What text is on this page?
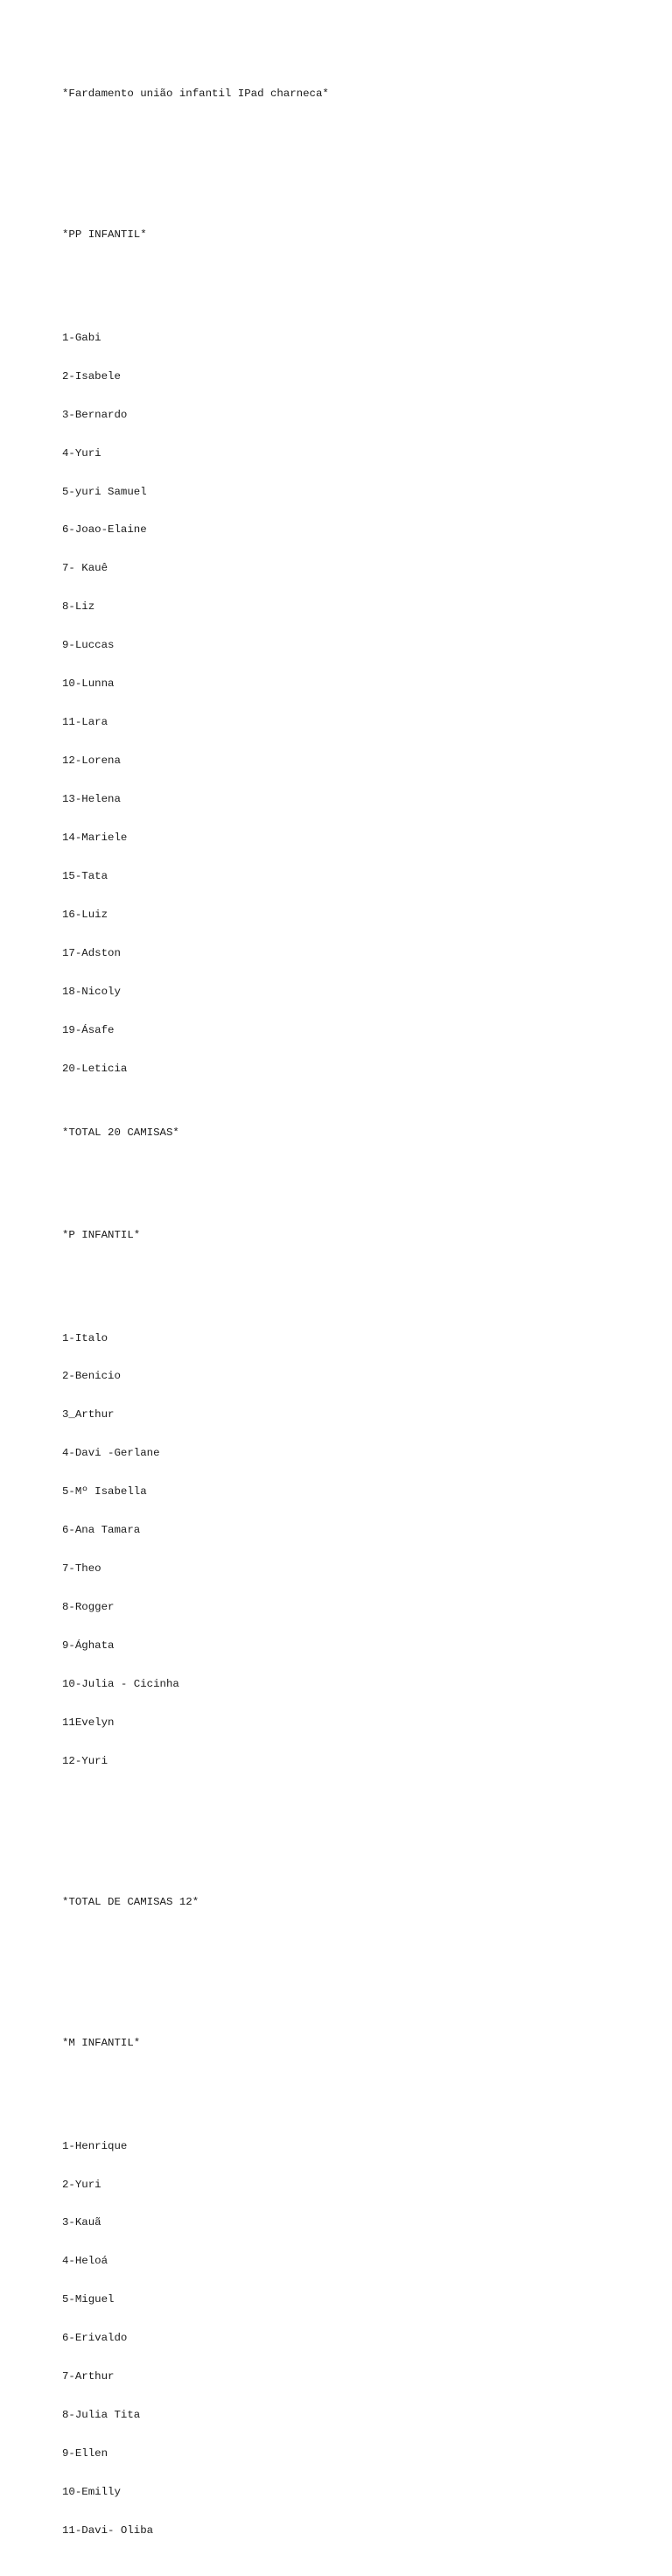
*Fardamento união infantil IPad charneca*

*PP INFANTIL*

1-Gabi

2-Isabele

3-Bernardo

4-Yuri

5-yuri Samuel

6-Joao-Elaine

7- Kauê

8-Liz

9-Luccas

10-Lunna

11-Lara

12-Lorena

13-Helena

14-Mariele

15-Tata

16-Luiz

17-Adston

18-Nicoly

19-Ásafe

20-Leticia

*TOTAL 20 CAMISAS*

*P INFANTIL*

1-Italo

2-Benicio

3_Arthur

4-Davi -Gerlane

5-Mº Isabella

6-Ana Tamara

7-Theo

8-Rogger

9-Ághata

10-Julia - Cicinha

11Evelyn

12-Yuri

*TOTAL DE CAMISAS 12*

*M INFANTIL*

1-Henrique

2-Yuri

3-Kauã

4-Heloá

5-Miguel

6-Erivaldo

7-Arthur

8-Julia Tita

9-Ellen

10-Emilly

11-Davi- Oliba
